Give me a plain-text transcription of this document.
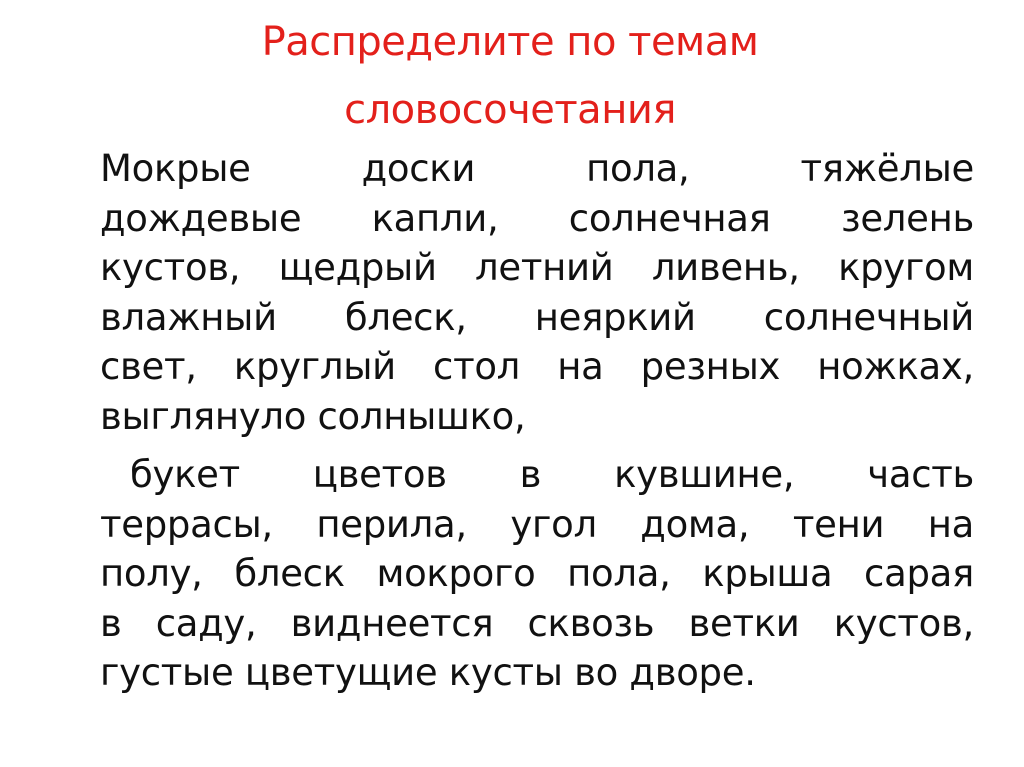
Распределите по темам
словосочетания

Мокрые доски пола, тяжёлые
дождевые капли, солнечная зелень
кустов, щедрый летний ливень, кругом
влажный блеск, неяркий солнечный
свет, круглый стол на резных ножках,
выглянуло солнышко,

букет цветов в кувшине, часть
террасы, перила, угол дома, тени на
полу, блеск мокрого пола, крыша сарая
в саду, виднеется сквозь ветки кустов,
густые цветущие кусты во дворе.
